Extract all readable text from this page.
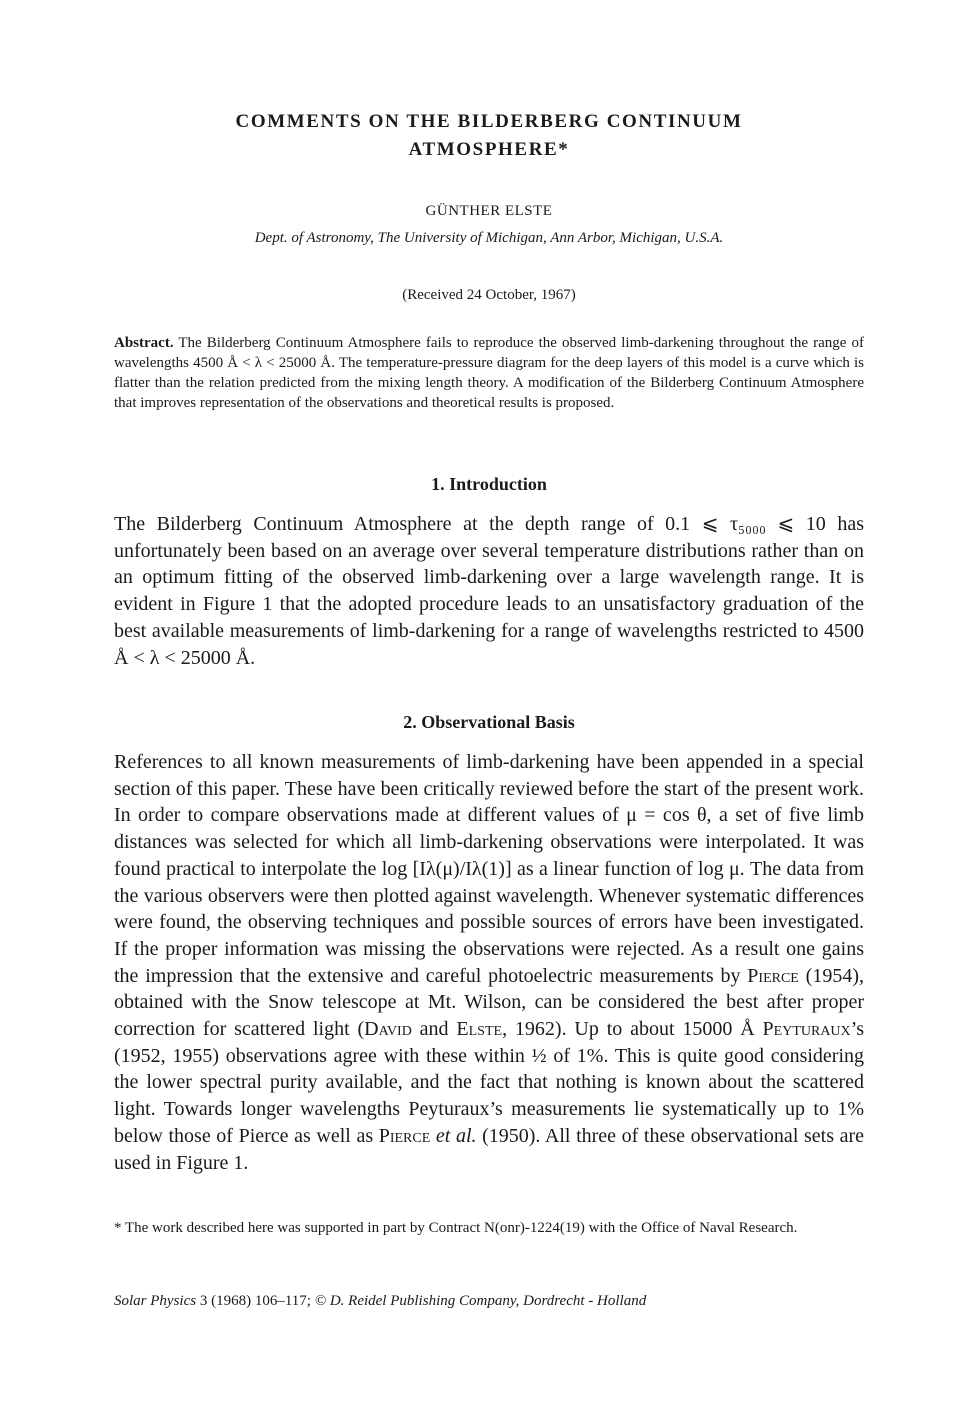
COMMENTS ON THE BILDERBERG CONTINUUM
ATMOSPHERE*
GÜNTHER ELSTE
Dept. of Astronomy, The University of Michigan, Ann Arbor, Michigan, U.S.A.
(Received 24 October, 1967)
Abstract. The Bilderberg Continuum Atmosphere fails to reproduce the observed limb-darkening throughout the range of wavelengths 4500 Å < λ < 25000 Å. The temperature-pressure diagram for the deep layers of this model is a curve which is flatter than the relation predicted from the mixing length theory. A modification of the Bilderberg Continuum Atmosphere that improves representation of the observations and theoretical results is proposed.
1. Introduction
The Bilderberg Continuum Atmosphere at the depth range of 0.1 ⩽ τ₅₀₀₀ ⩽ 10 has unfortunately been based on an average over several temperature distributions rather than on an optimum fitting of the observed limb-darkening over a large wavelength range. It is evident in Figure 1 that the adopted procedure leads to an unsatisfactory graduation of the best available measurements of limb-darkening for a range of wavelengths restricted to 4500 Å < λ < 25000 Å.
2. Observational Basis
References to all known measurements of limb-darkening have been appended in a special section of this paper. These have been critically reviewed before the start of the present work. In order to compare observations made at different values of μ = cos θ, a set of five limb distances was selected for which all limb-darkening observations were interpolated. It was found practical to interpolate the log [Iλ(μ)/Iλ(1)] as a linear function of log μ. The data from the various observers were then plotted against wavelength. Whenever systematic differences were found, the observing techniques and possible sources of errors have been investigated. If the proper information was missing the observations were rejected. As a result one gains the impression that the extensive and careful photoelectric measurements by Pierce (1954), obtained with the Snow telescope at Mt. Wilson, can be considered the best after proper correction for scattered light (David and Elste, 1962). Up to about 15000 Å Peyturaux’s (1952, 1955) observations agree with these within ½ of 1%. This is quite good considering the lower spectral purity available, and the fact that nothing is known about the scattered light. Towards longer wavelengths Peyturaux’s measurements lie systematically up to 1% below those of Pierce as well as Pierce et al. (1950). All three of these observational sets are used in Figure 1.
* The work described here was supported in part by Contract N(onr)-1224(19) with the Office of Naval Research.
Solar Physics 3 (1968) 106–117; © D. Reidel Publishing Company, Dordrecht - Holland
